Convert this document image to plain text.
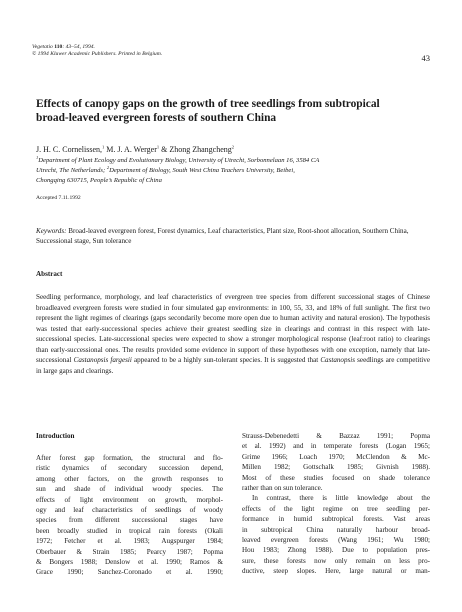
Vegetatio 110: 43–54, 1994.
© 1994 Kluwer Academic Publishers. Printed in Belgium.	43
Effects of canopy gaps on the growth of tree seedlings from subtropical
broad-leaved evergreen forests of southern China
J. H. C. Cornelissen,$^1$ M. J. A. Werger$^1$ & Zhong Zhangcheng$^2$
$^1$Department of Plant Ecology and Evolutionary Biology, University of Utrecht, Sorbonnelaan 16, 3584 CA
Utrecht, The Netherlands; $^2$Department of Biology, South West China Teachers University, Beibei,
Chongqing 630715, People’s Republic of China
Accepted 7.11.1992
Keywords: Broad-leaved evergreen forest, Forest dynamics, Leaf characteristics, Plant size, Root-shoot allocation, Southern China, Successional stage, Sun tolerance
Abstract
Seedling performance, morphology, and leaf characteristics of evergreen tree species from different successional stages of Chinese broadleaved evergreen forests were studied in four simulated gap environments: in 100, 55, 33, and 18% of full sunlight. The first two represent the light regimes of clearings (gaps secondarily become more open due to human activity and natural erosion). The hypothesis was tested that early-successional species achieve their greatest seedling size in clearings and contrast in this respect with late-successional species. Late-successional species were expected to show a stronger morphological response (leaf:root ratio) to clearings than early-successional ones. The results provided some evidence in support of these hypotheses with one exception, namely that late-successional Castanopsis fargesii appeared to be a highly sun-tolerant species. It is suggested that Castanopsis seedlings are competitive in large gaps and clearings.
Introduction
After forest gap formation, the structural and flo-
ristic dynamics of secondary succession depend,
among other factors, on the growth responses to
sun and shade of individual woody species. The
effects of light environment on growth, morphol-
ogy and leaf characteristics of seedlings of woody
species from different successional stages have
been broadly studied in tropical rain forests (Okali
1972; Fetcher et al. 1983; Augspurger 1984;
Oberbauer & Strain 1985; Pearcy 1987; Popma
& Bongers 1988; Denslow et al. 1990; Ramos &
Grace 1990; Sanchez-Coronado et al. 1990;
Strauss-Debenedetti & Bazzaz 1991; Popma
et al. 1992) and in temperate forests (Logan 1965;
Grime 1966; Loach 1970; McClendon & Mc-
Millen 1982; Gottschalk 1985; Givnish 1988).
Most of these studies focused on shade tolerance
rather than on sun tolerance.
In contrast, there is little knowledge about the
effects of the light regime on tree seedling per-
formance in humid subtropical forests. Vast areas
in subtropical China naturally harbour broad-
leaved evergreen forests (Wang 1961; Wu 1980;
Hou 1983; Zhong 1988). Due to population pres-
sure, these forests now only remain on less pro-
ductive, steep slopes. Here, large natural or man-
